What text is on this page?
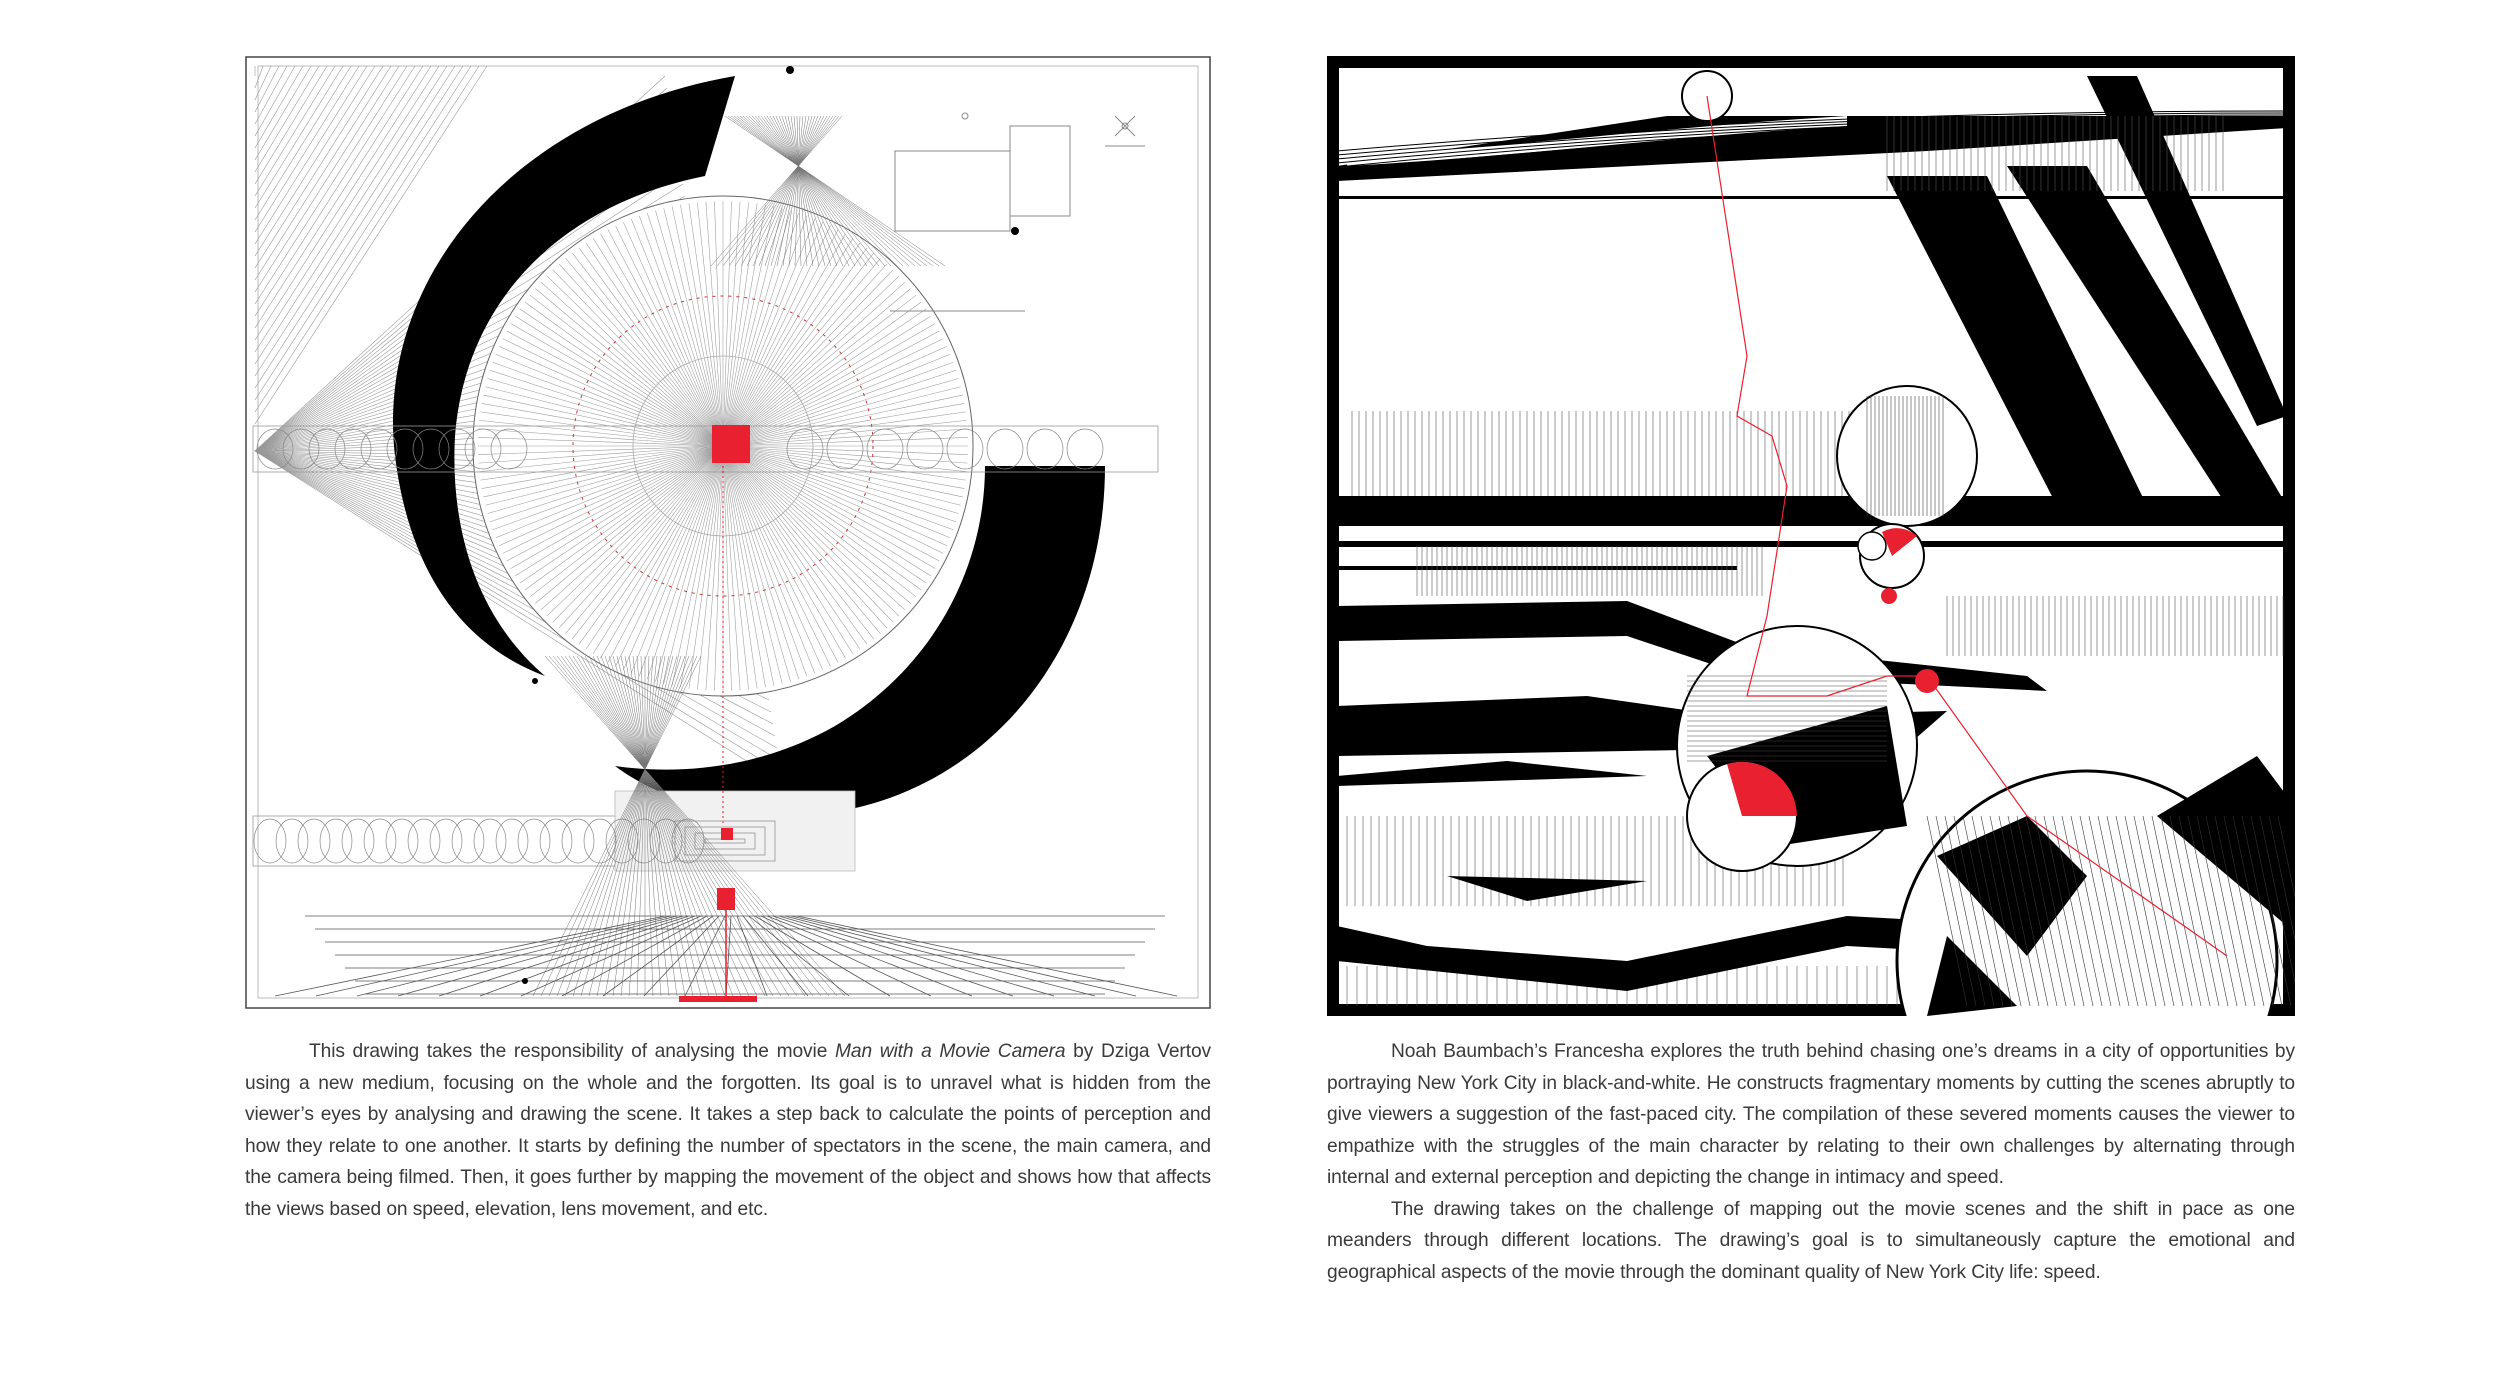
This drawing takes the responsibility of analysing the movie Man with a Movie Camera by Dziga Vertov using a new medium, focusing on the whole and the forgotten. Its goal is to unravel what is hidden from the viewer’s eyes by analysing and drawing the scene. It takes a step back to calculate the points of perception and how they relate to one another. It starts by defining the number of spectators in the scene, the main camera, and the camera being filmed. Then, it goes further by mapping the movement of the object and shows how that affects the views based on speed, elevation, lens movement, and etc.

Noah Baumbach’s Francesha explores the truth behind chasing one’s dreams in a city of opportunities by portraying New York City in black-and-white. He constructs fragmentary moments by cutting the scenes abruptly to give viewers a suggestion of the fast-paced city. The compilation of these severed moments causes the viewer to empathize with the struggles of the main character by relating to their own challenges by alternating through internal and external perception and depicting the change in intimacy and speed.

The drawing takes on the challenge of mapping out the movie scenes and the shift in pace as one meanders through different locations. The drawing’s goal is to simultaneously capture the emotional and geographical aspects of the movie through the dominant quality of New York City life: speed.
